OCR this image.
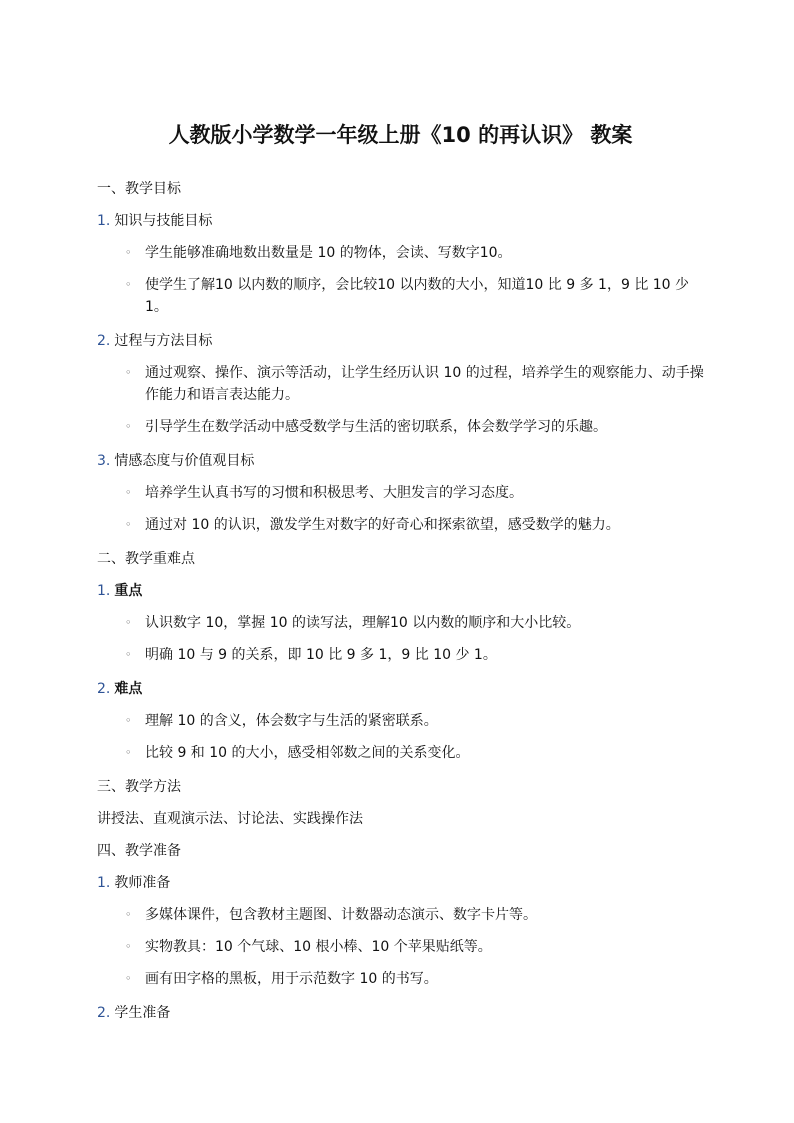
人教版小学数学一年级上册《10 的再认识》 教案
一、教学目标
1. 知识与技能目标
◦ 学生能够准确地数出数量是 10 的物体，会读、写数字10。
◦ 使学生了解10 以内数的顺序，会比较10 以内数的大小，知道10 比 9 多 1，9 比 10 少 1。
2. 过程与方法目标
◦ 通过观察、操作、演示等活动，让学生经历认识 10 的过程，培养学生的观察能力、动手操作能力和语言表达能力。
◦ 引导学生在数学活动中感受数学与生活的密切联系，体会数学学习的乐趣。
3. 情感态度与价值观目标
◦ 培养学生认真书写的习惯和积极思考、大胆发言的学习态度。
◦ 通过对 10 的认识，激发学生对数字的好奇心和探索欲望，感受数学的魅力。
二、教学重难点
1. 重点
◦ 认识数字 10，掌握 10 的读写法，理解10 以内数的顺序和大小比较。
◦ 明确 10 与 9 的关系，即 10 比 9 多 1，9 比 10 少 1。
2. 难点
◦ 理解 10 的含义，体会数字与生活的紧密联系。
◦ 比较 9 和 10 的大小，感受相邻数之间的关系变化。
三、教学方法
讲授法、直观演示法、讨论法、实践操作法
四、教学准备
1. 教师准备
◦ 多媒体课件，包含教材主题图、计数器动态演示、数字卡片等。
◦ 实物教具：10 个气球、10 根小棒、10 个苹果贴纸等。
◦ 画有田字格的黑板，用于示范数字 10 的书写。
2. 学生准备
